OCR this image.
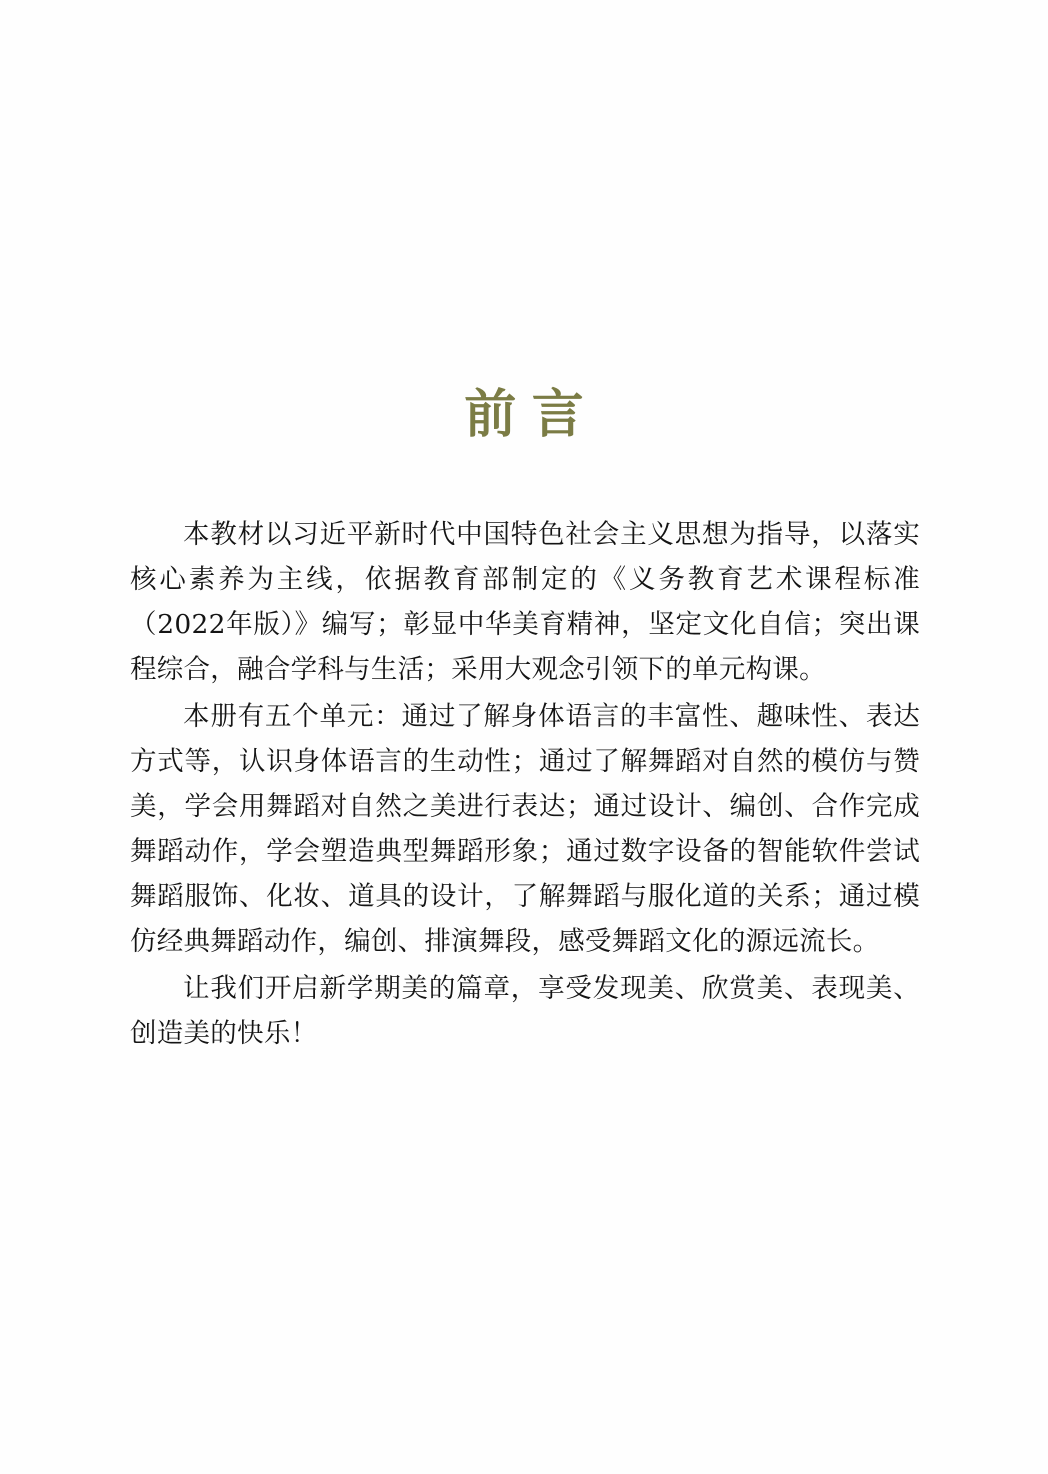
前言

本教材以习近平新时代中国特色社会主义思想为指导，以落实核心素养为主线，依据教育部制定的《义务教育艺术课程标准（2022年版）》编写；彰显中华美育精神，坚定文化自信；突出课程综合，融合学科与生活；采用大观念引领下的单元构课。

本册有五个单元：通过了解身体语言的丰富性、趣味性、表达方式等，认识身体语言的生动性；通过了解舞蹈对自然的模仿与赞美，学会用舞蹈对自然之美进行表达；通过设计、编创、合作完成舞蹈动作，学会塑造典型舞蹈形象；通过数字设备的智能软件尝试舞蹈服饰、化妆、道具的设计，了解舞蹈与服化道的关系；通过模仿经典舞蹈动作，编创、排演舞段，感受舞蹈文化的源远流长。

让我们开启新学期美的篇章，享受发现美、欣赏美、表现美、创造美的快乐！
